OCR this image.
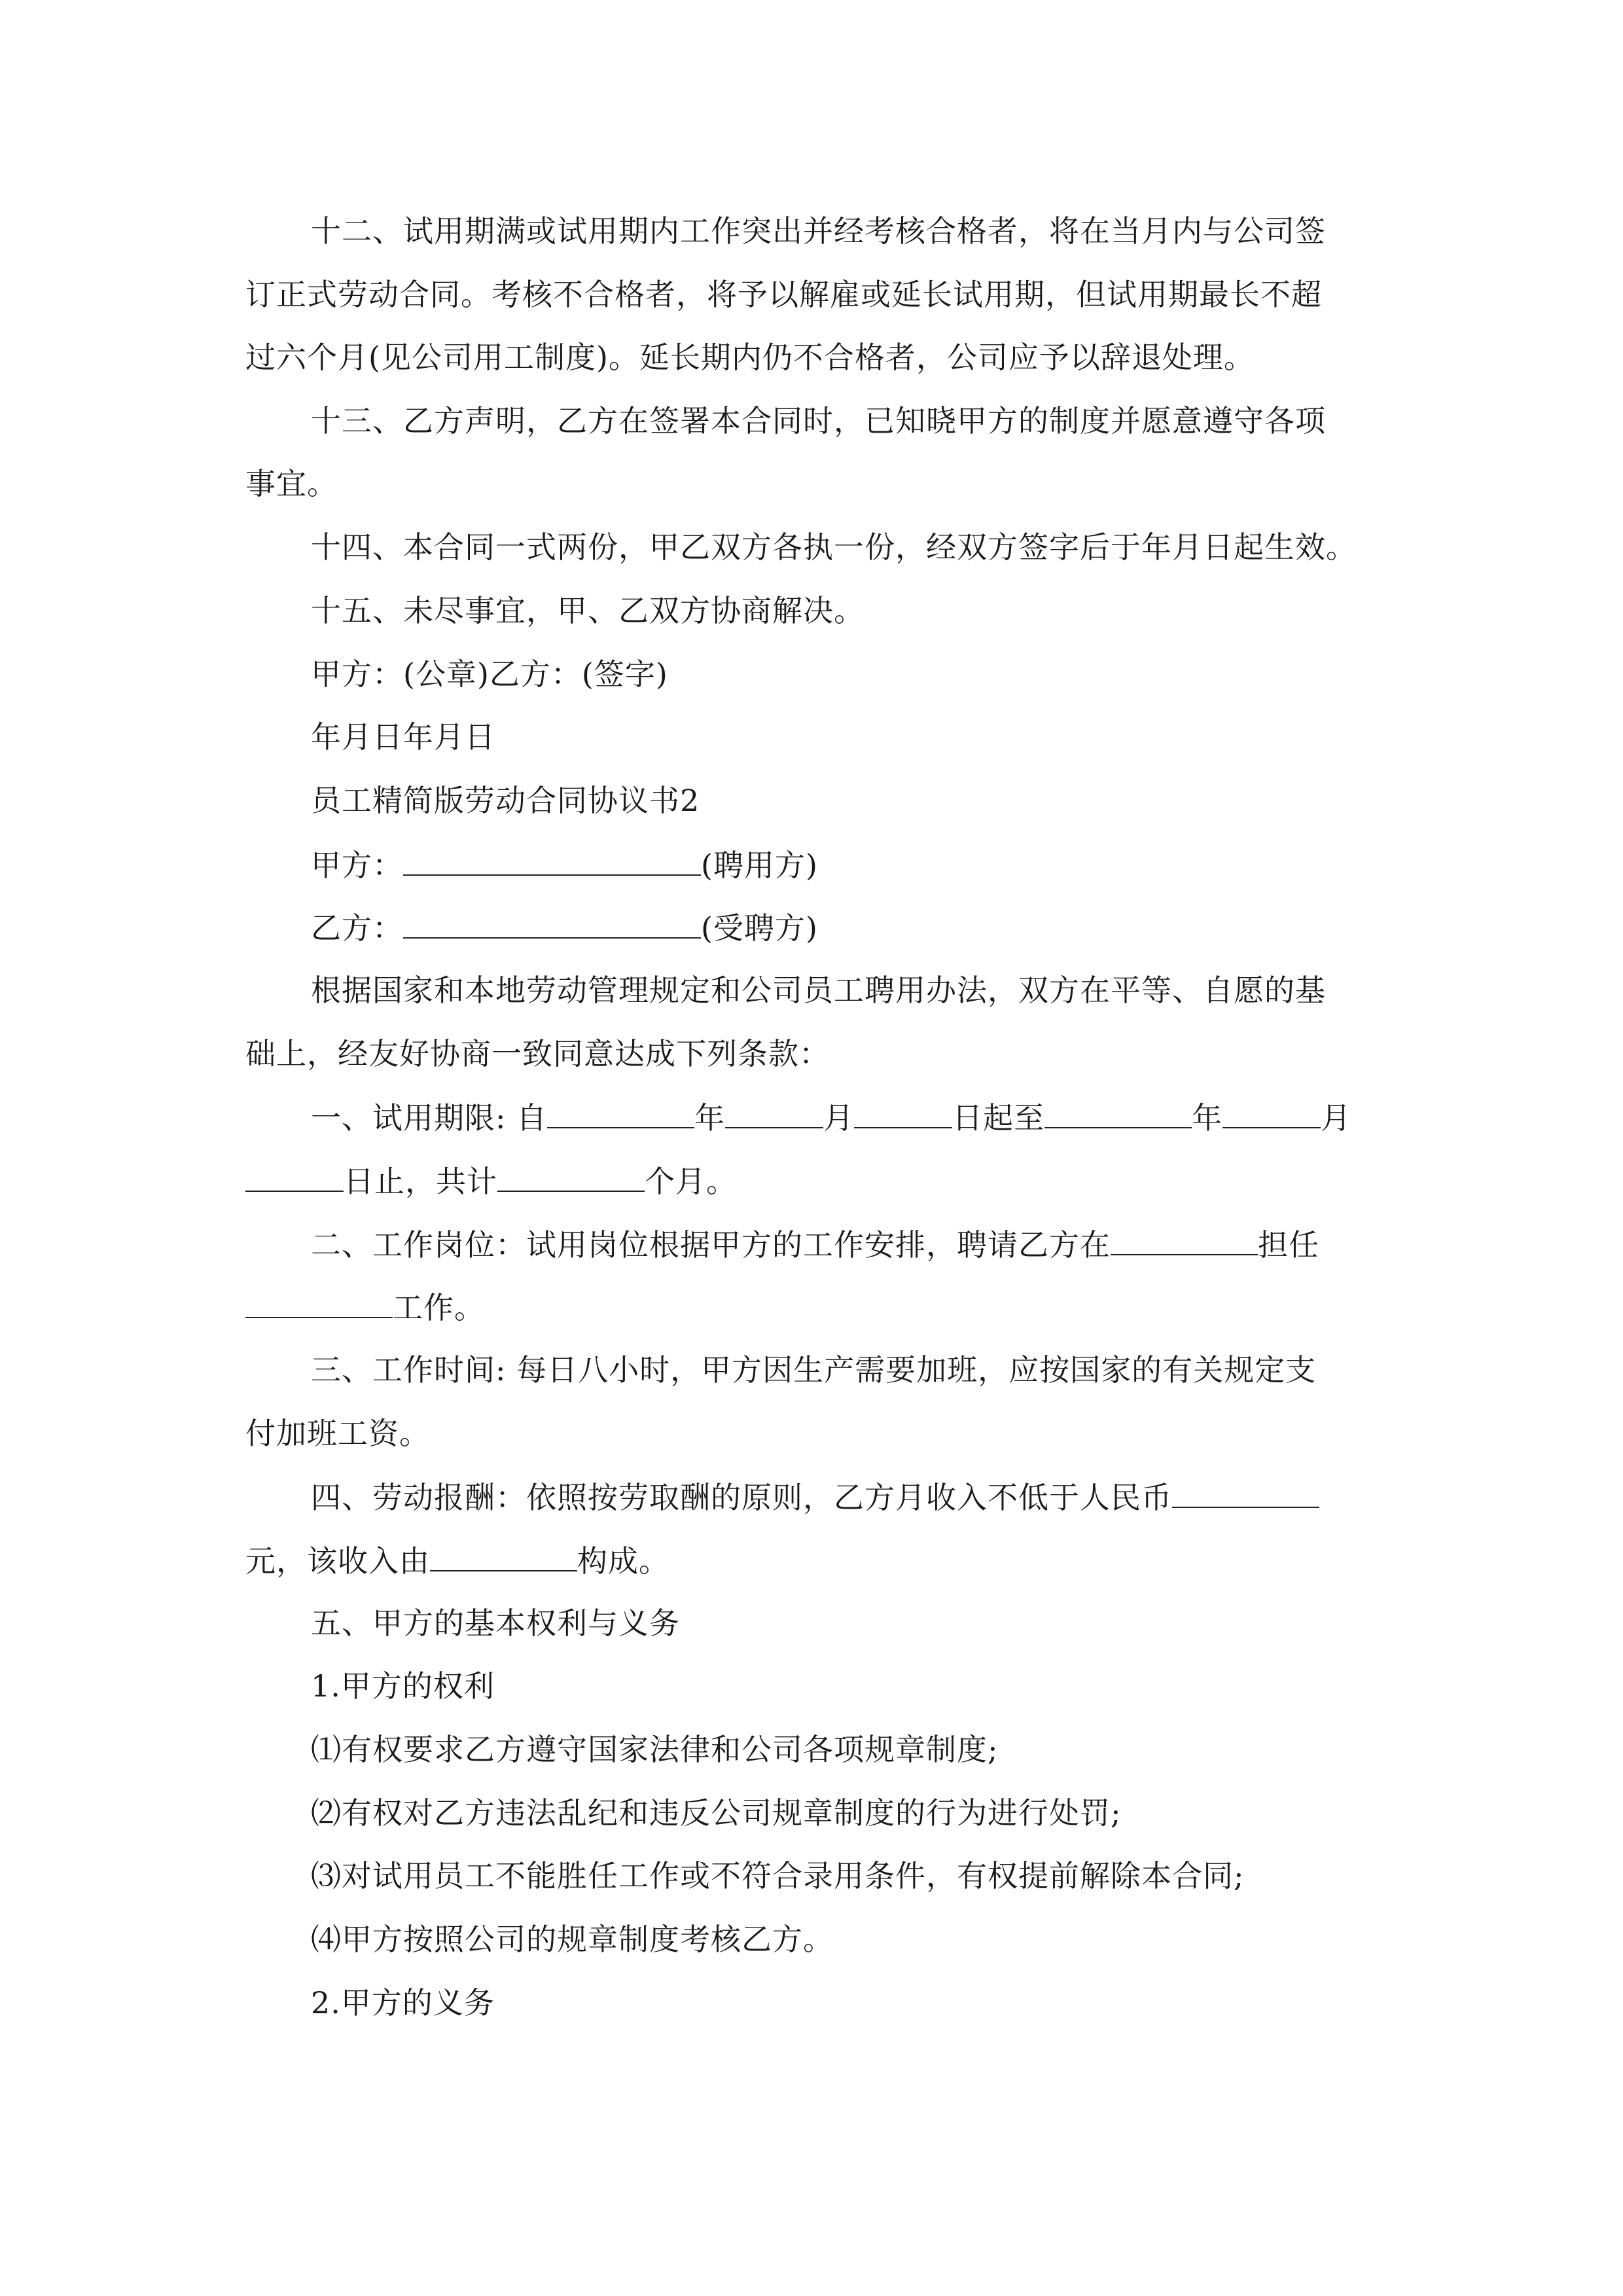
十二、试用期满或试用期内工作突出并经考核合格者，将在当月内与公司签
订正式劳动合同。考核不合格者，将予以解雇或延长试用期，但试用期最长不超
过六个月(见公司用工制度)。延长期内仍不合格者，公司应予以辞退处理。
十三、乙方声明，乙方在签署本合同时，已知晓甲方的制度并愿意遵守各项
事宜。
十四、本合同一式两份，甲乙双方各执一份，经双方签字后于年月日起生效。
十五、未尽事宜，甲、乙双方协商解决。
甲方：(公章)乙方：(签字)
年月日年月日
员工精简版劳动合同协议书2
甲方：	(聘用方)
乙方：	(受聘方)
根据国家和本地劳动管理规定和公司员工聘用办法，双方在平等、自愿的基
础上，经友好协商一致同意达成下列条款：
一、试用期限: 自	年	月	日起至	年	月
日止，共计	个月。
二、工作岗位：试用岗位根据甲方的工作安排，聘请乙方在	担任
工作。
三、工作时间: 每日八小时，甲方因生产需要加班，应按国家的有关规定支
付加班工资。
四、劳动报酬：依照按劳取酬的原则，乙方月收入不低于人民币
元，该收入由	构成。
五、甲方的基本权利与义务
1.甲方的权利
⑴有权要求乙方遵守国家法律和公司各项规章制度;
⑵有权对乙方违法乱纪和违反公司规章制度的行为进行处罚;
⑶对试用员工不能胜任工作或不符合录用条件，有权提前解除本合同;
⑷甲方按照公司的规章制度考核乙方。
2.甲方的义务
